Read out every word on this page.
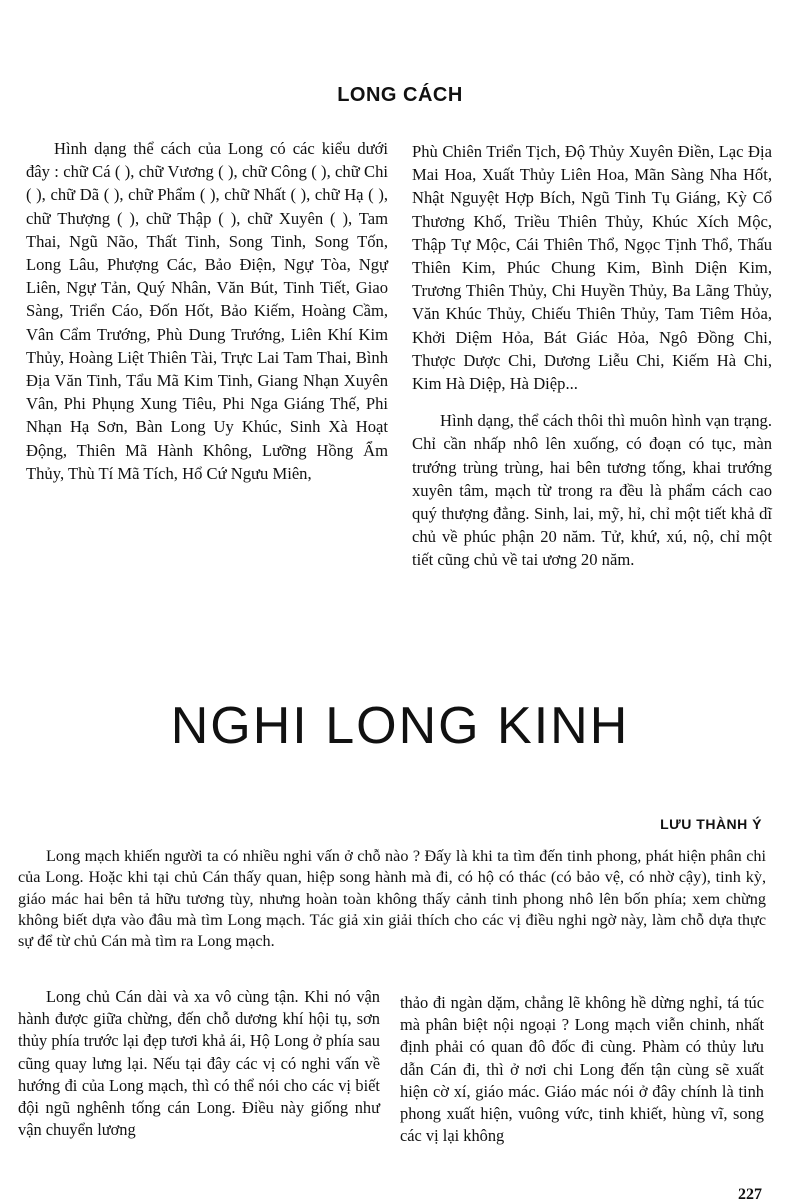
LONG CÁCH

Hình dạng thể cách của Long có các kiểu dưới đây : chữ Cá ( ), chữ Vương ( ), chữ Công ( ), chữ Chi ( ), chữ Dã ( ), chữ Phẩm ( ), chữ Nhất ( ), chữ Hạ ( ), chữ Thượng ( ), chữ Thập ( ), chữ Xuyên ( ), Tam Thai, Ngũ Não, Thất Tinh, Song Tinh, Song Tốn, Long Lâu, Phượng Các, Bảo Điện, Ngự Tòa, Ngự Liên, Ngự Tản, Quý Nhân, Văn Bút, Tinh Tiết, Giao Sàng, Triển Cáo, Đốn Hốt, Bảo Kiếm, Hoàng Cầm, Vân Cẩm Trướng, Phù Dung Trướng, Liên Khí Kim Thủy, Hoàng Liệt Thiên Tài, Trực Lai Tam Thai, Bình Địa Văn Tinh, Tẩu Mã Kim Tinh, Giang Nhạn Xuyên Vân, Phi Phụng Xung Tiêu, Phi Nga Giáng Thế, Phi Nhạn Hạ Sơn, Bàn Long Uy Khúc, Sinh Xà Hoạt Động, Thiên Mã Hành Không, Lưỡng Hồng Ẩm Thủy, Thù Tí Mã Tích, Hổ Cứ Ngưu Miên,

Phù Chiên Triển Tịch, Độ Thủy Xuyên Điền, Lạc Địa Mai Hoa, Xuất Thủy Liên Hoa, Mãn Sàng Nha Hốt, Nhật Nguyệt Hợp Bích, Ngũ Tinh Tụ Giáng, Kỳ Cổ Thương Khố, Triều Thiên Thủy, Khúc Xích Mộc, Thập Tự Mộc, Cái Thiên Thổ, Ngọc Tịnh Thổ, Thấu Thiên Kim, Phúc Chung Kim, Bình Diện Kim, Trương Thiên Thủy, Chi Huyền Thủy, Ba Lãng Thủy, Văn Khúc Thủy, Chiếu Thiên Thủy, Tam Tiêm Hỏa, Khởi Diệm Hỏa, Bát Giác Hỏa, Ngô Đồng Chi, Thược Dược Chi, Dương Liễu Chi, Kiếm Hà Chi, Kim Hà Diệp, Hà Diệp...

Hình dạng, thể cách thôi thì muôn hình vạn trạng. Chỉ cần nhấp nhô lên xuống, có đoạn có tục, màn trướng trùng trùng, hai bên tương tống, khai trướng xuyên tâm, mạch từ trong ra đều là phẩm cách cao quý thượng đẳng. Sinh, lai, mỹ, hỉ, chỉ một tiết khả dĩ chủ về phúc phận 20 năm. Tử, khứ, xú, nộ, chỉ một tiết cũng chủ về tai ương 20 năm.

NGHI LONG KINH
LƯU THÀNH Ý

Long mạch khiến người ta có nhiều nghi vấn ở chỗ nào ? Đấy là khi ta tìm đến tinh phong, phát hiện phân chi của Long. Hoặc khi tại chủ Cán thấy quan, hiệp song hành mà đi, có hộ có thác (có bảo vệ, có nhờ cậy), tinh kỳ, giáo mác hai bên tả hữu tương tùy, nhưng hoàn toàn không thấy cảnh tinh phong nhô lên bốn phía; xem chừng không biết dựa vào đâu mà tìm Long mạch. Tác giả xin giải thích cho các vị điều nghi ngờ này, làm chỗ dựa thực sự để từ chủ Cán mà tìm ra Long mạch.

Long chủ Cán dài và xa vô cùng tận. Khi nó vận hành được giữa chừng, đến chỗ dương khí hội tụ, sơn thủy phía trước lại đẹp tươi khả ái, Hộ Long ở phía sau cũng quay lưng lại. Nếu tại đây các vị có nghi vấn về hướng đi của Long mạch, thì có thể nói cho các vị biết đội ngũ nghênh tống cán Long. Điều này giống như vận chuyển lương

thảo đi ngàn dặm, chẳng lẽ không hề dừng nghỉ, tá túc mà phân biệt nội ngoại ? Long mạch viễn chinh, nhất định phải có quan đô đốc đi cùng. Phàm có thủy lưu dẫn Cán đi, thì ở nơi chi Long đến tận cùng sẽ xuất hiện cờ xí, giáo mác. Giáo mác nói ở đây chính là tinh phong xuất hiện, vuông vức, tinh khiết, hùng vĩ, song các vị lại không

227
